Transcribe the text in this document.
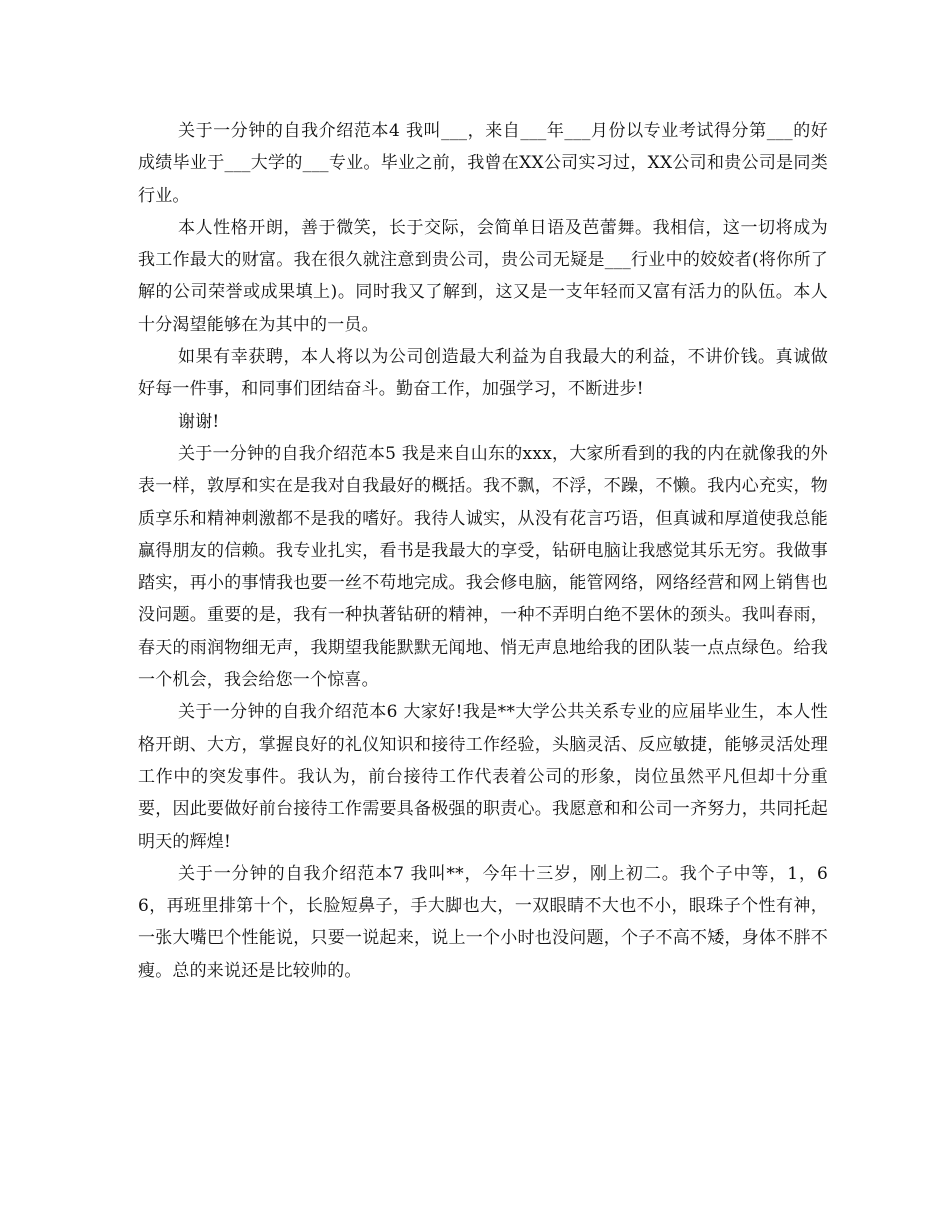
关于一分钟的自我介绍范本4 我叫___，来自___年___月份以专业考试得分第___的好成绩毕业于___大学的___专业。毕业之前，我曾在XX公司实习过，XX公司和贵公司是同类行业。

本人性格开朗，善于微笑，长于交际，会简单日语及芭蕾舞。我相信，这一切将成为我工作最大的财富。我在很久就注意到贵公司，贵公司无疑是___行业中的姣姣者(将你所了解的公司荣誉或成果填上)。同时我又了解到，这又是一支年轻而又富有活力的队伍。本人十分渴望能够在为其中的一员。

如果有幸获聘，本人将以为公司创造最大利益为自我最大的利益，不讲价钱。真诚做好每一件事，和同事们团结奋斗。勤奋工作，加强学习，不断进步!

谢谢!

关于一分钟的自我介绍范本5 我是来自山东的xxx，大家所看到的我的内在就像我的外表一样，敦厚和实在是我对自我最好的概括。我不飘，不浮，不躁，不懒。我内心充实，物质享乐和精神刺激都不是我的嗜好。我待人诚实，从没有花言巧语，但真诚和厚道使我总能赢得朋友的信赖。我专业扎实，看书是我最大的享受，钻研电脑让我感觉其乐无穷。我做事踏实，再小的事情我也要一丝不苟地完成。我会修电脑，能管网络，网络经营和网上销售也没问题。重要的是，我有一种执著钻研的精神，一种不弄明白绝不罢休的颈头。我叫春雨，春天的雨润物细无声，我期望我能默默无闻地、悄无声息地给我的团队装一点点绿色。给我一个机会，我会给您一个惊喜。

关于一分钟的自我介绍范本6 大家好!我是**大学公共关系专业的应届毕业生，本人性格开朗、大方，掌握良好的礼仪知识和接待工作经验，头脑灵活、反应敏捷，能够灵活处理工作中的突发事件。我认为，前台接待工作代表着公司的形象，岗位虽然平凡但却十分重要，因此要做好前台接待工作需要具备极强的职责心。我愿意和和公司一齐努力，共同托起明天的辉煌!

关于一分钟的自我介绍范本7 我叫**，今年十三岁，刚上初二。我个子中等，1，66，再班里排第十个，长脸短鼻子，手大脚也大，一双眼睛不大也不小，眼珠子个性有神，一张大嘴巴个性能说，只要一说起来，说上一个小时也没问题，个子不高不矮，身体不胖不瘦。总的来说还是比较帅的。
